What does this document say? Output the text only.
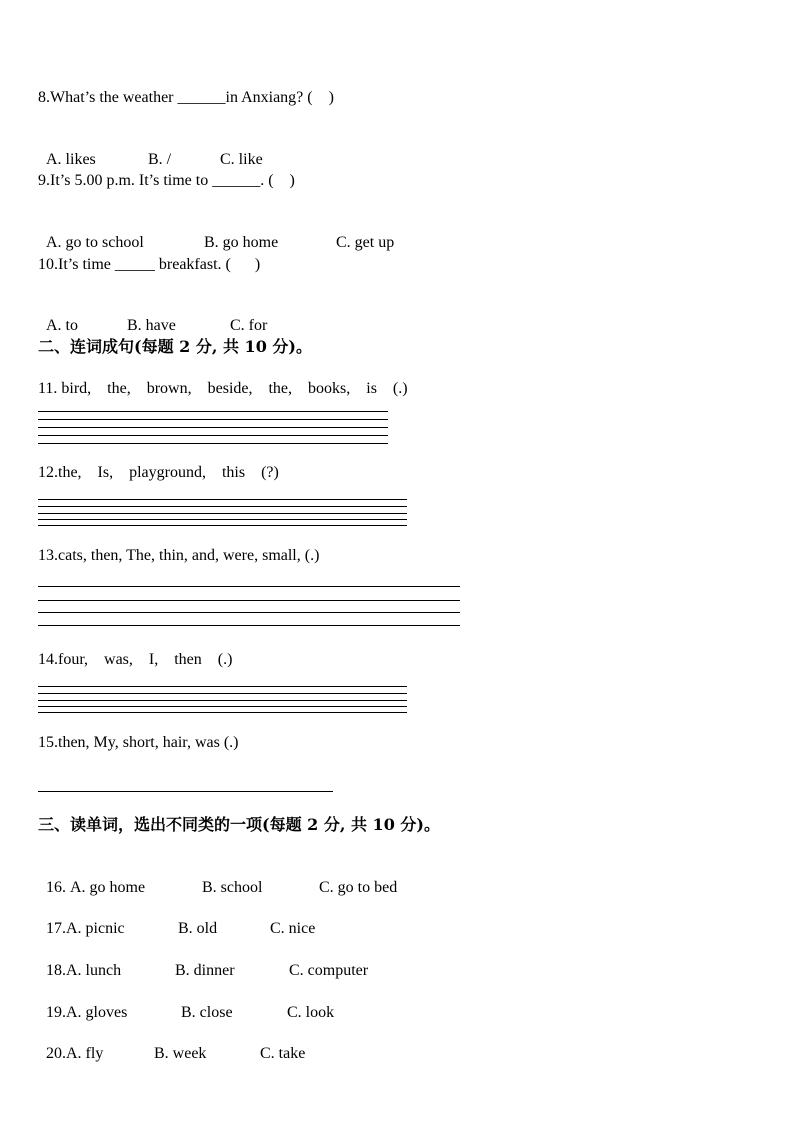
8.What’s the weather ______in Anxiang? (    )

A. likes	B. /	C. like

9.It’s 5.00 p.m. It’s time to ______. (    )

A. go to school	B. go home	C. get up

10.It’s time _____ breakfast. (      )

A. to	B. have	C. for

二、连词成句(每题 2 分, 共 10 分)。
11. bird,    the,    brown,    beside,    the,    books,    is    (.)
12.the,    Is,    playground,    this    (?)
13.cats, then, The, thin, and, were, small, (.)
14.four,    was,    I,    then    (.)
15.then, My, short, hair, was (.)
三、读单词，选出不同类的一项(每题 2 分, 共 10 分)。

16. A. go home	B. school	C. go to bed

17.A. picnic	B. old	C. nice

18.A. lunch	B. dinner	C. computer

19.A. gloves	B. close	C. look

20.A. fly	B. week	C. take
